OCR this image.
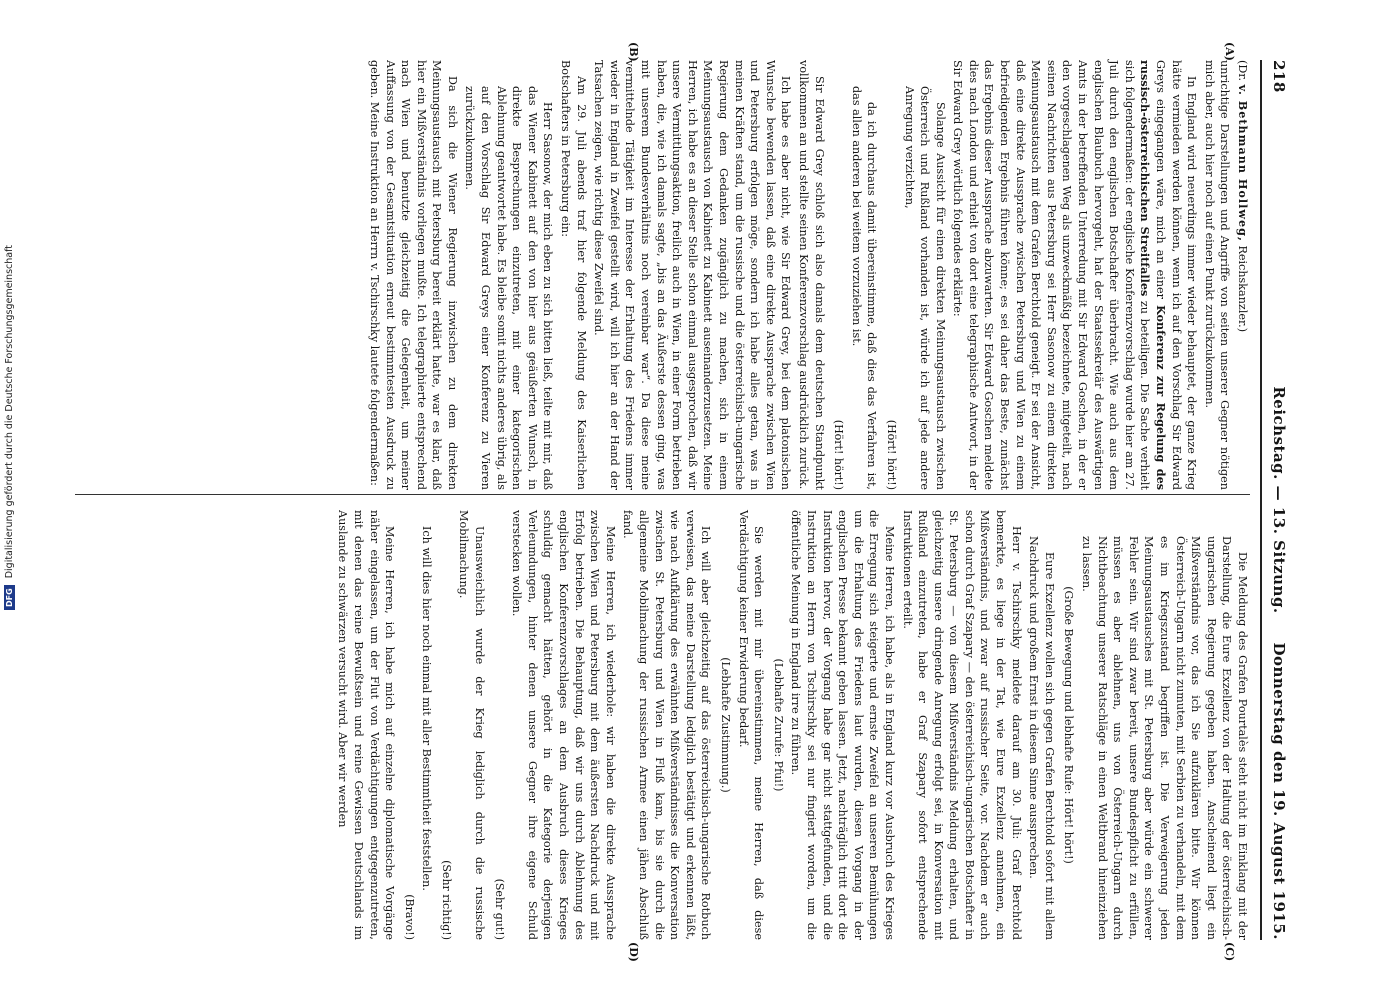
218
Reichstag. — 13. Sitzung.
Donnerstag den 19. August 1915.
(A)
(B)
(C)
(D)

(Dr. v. Bethmann Hollweg, Reichskanzler.)

unrichtige Darstellungen und Angriffe von seiten unserer Gegner nötigen mich aber, auch hier noch auf einen Punkt zurückzukommen.

In England wird neuerdings immer wieder behauptet, der ganze Krieg hätte vermieden werden können, wenn ich auf den Vorschlag Sir Edward Greys eingegangen wäre, mich an einer Konferenz zur Regelung des russisch-österreichischen Streitfalles zu beteiligen. Die Sache verhielt sich folgendermaßen: der englische Konferenzvorschlag wurde hier am 27. Juli durch den englischen Botschafter überbracht. Wie auch aus dem englischen Blaubuch hervorgeht, hat der Staatssekretär des Auswärtigen Amts in der betreffenden Unterredung mit Sir Edward Goschen, in der er den vorgeschlagenen Weg als unzweckmäßig bezeichnete, mitgeteilt, nach seinen Nachrichten aus Petersburg sei Herr Sasonow zu einem direkten Meinungsaustausch mit dem Grafen Berchtold geneigt. Er sei der Ansicht, daß eine direkte Aussprache zwischen Petersburg und Wien zu einem befriedigenden Ergebnis führen könne; es sei daher das Beste, zunächst das Ergebnis dieser Aussprache abzuwarten. Sir Edward Goschen meldete dies nach London und erhielt von dort eine telegraphische Antwort, in der Sir Edward Grey wörtlich folgendes erklärte:

Solange Aussicht für einen direkten Meinungsaustausch zwischen Österreich und Rußland vorhanden ist, würde ich auf jede andere Anregung verzichten,

(Hört! hört!)

da ich durchaus damit übereinstimme, daß dies das Verfahren ist, das allen anderen bei weitem vorzuziehen ist.

(Hört! hört!)

Sir Edward Grey schloß sich also damals dem deutschen Standpunkt vollkommen an und stellte seinen Konferenzvorschlag ausdrücklich zurück.

Ich habe es aber nicht, wie Sir Edward Grey, bei dem platonischen Wunsche bewenden lassen, daß eine direkte Aussprache zwischen Wien und Petersburg erfolgen möge, sondern ich habe alles getan, was in meinen Kräften stand, um die russische und die österreichisch-ungarische Regierung dem Gedanken zugänglich zu machen, sich in einem Meinungsaustausch von Kabinett zu Kabinett auseinanderzusetzen. Meine Herren, ich habe es an dieser Stelle schon einmal ausgesprochen, daß wir unsere Vermittlungsaktion, freilich auch in Wien, in einer Form betrieben haben, die, wie ich damals sagte, „bis an das Äußerste dessen ging, was mit unserem Bundesverhältnis noch vereinbar war“. Da diese meine vermittelnde Tätigkeit im Interesse der Erhaltung des Friedens immer wieder in England in Zweifel gestellt wird, will ich hier an der Hand der Tatsachen zeigen, wie richtig diese Zweifel sind.

Am 29. Juli abends traf hier folgende Meldung des Kaiserlichen Botschafters in Petersburg ein:

Herr Sasonow, der mich eben zu sich bitten ließ, teilte mit mir, daß das Wiener Kabinett auf den von hier aus geäußerten Wunsch, in direkte Besprechungen einzutreten, mit einer kategorischen Ablehnung geantwortet habe. Es bleibe somit nichts anderes übrig, als auf den Vorschlag Sir Edward Greys einer Konferenz zu Vieren zurückzukommen.

Da sich die Wiener Regierung inzwischen zu dem direkten Meinungsaustausch mit Petersburg bereit erklärt hatte, war es klar, daß hier ein Mißverständnis vorliegen mußte. Ich telegraphierte entsprechend nach Wien und benutzte gleichzeitig die Gelegenheit, um meiner Auffassung von der Gesamtsituation erneut bestimmtesten Ausdruck zu geben. Meine Instruktion an Herrn v. Tschirschky lautete folgendermaßen:

Die Meldung des Grafen Pourtalès steht nicht im Einklang mit der Darstellung, die Eure Exzellenz von der Haltung der österreichisch-ungarischen Regierung gegeben haben. Anscheinend liegt ein Mißverständnis vor, das ich Sie aufzuklären bitte. Wir können Österreich-Ungarn nicht zumuten, mit Serbien zu verhandeln, mit dem es im Kriegszustand begriffen ist. Die Verweigerung jeden Meinungsaustausches mit St. Petersburg aber würde ein schwerer Fehler sein. Wir sind zwar bereit, unsere Bundespflicht zu erfüllen, müssen es aber ablehnen, uns von Österreich-Ungarn durch Nichtbeachtung unserer Ratschläge in einen Weltbrand hineinziehen zu lassen.

(Große Bewegung und lebhafte Rufe: Hört! hört!)

Eure Exzellenz wollen sich gegen Grafen Berchtold sofort mit allem Nachdruck und großem Ernst in diesem Sinne aussprechen.

Herr v. Tschirschky meldete darauf am 30. Juli: Graf Berchtold bemerkte, es liege in der Tat, wie Eure Exzellenz annehmen, ein Mißverständnis, und zwar auf russischer Seite, vor. Nachdem er auch schon durch Graf Szapary — den österreichisch-ungarischen Botschafter in St. Petersburg — von diesem Mißverständnis Meldung erhalten, und gleichzeitig unsere dringende Anregung erfolgt sei, in Konversation mit Rußland einzutreten, habe er Graf Szapary sofort entsprechende Instruktionen erteilt.

Meine Herren, ich habe, als in England kurz vor Ausbruch des Krieges die Erregung sich steigerte und ernste Zweifel an unseren Bemühungen um die Erhaltung des Friedens laut wurden, diesen Vorgang in der englischen Presse bekannt geben lassen. Jetzt, nachträglich tritt dort die Instruktion hervor, der Vorgang habe gar nicht stattgefunden, und die Instruktion an Herrn von Tschirschky sei nur fingiert worden, um die öffentliche Meinung in England irre zu führen.

(Lebhafte Zurufe: Pfui!)

Sie werden mit mir übereinstimmen, meine Herren, daß diese Verdächtigung keiner Erwiderung bedarf.

(Lebhafte Zustimmung.)

Ich will aber gleichzeitig auf das österreichisch-ungarische Rotbuch verweisen, das meine Darstellung lediglich bestätigt und erkennen läßt, wie nach Aufklärung des erwähnten Mißverständnisses die Konversation zwischen St. Petersburg und Wien in Fluß kam, bis sie durch die allgemeine Mobilmachung der russischen Armee einen jähen Abschluß fand.

Meine Herren, ich wiederhole: wir haben die direkte Aussprache zwischen Wien und Petersburg mit dem äußersten Nachdruck und mit Erfolg betrieben. Die Behauptung, daß wir uns durch Ablehnung des englischen Konferenzvorschlages an dem Ausbruch dieses Krieges schuldig gemacht hätten, gehört in die Kategorie derjenigen Verleumdungen, hinter denen unsere Gegner ihre eigene Schuld verstecken wollen.

(Sehr gut!)

Unausweichlich wurde der Krieg lediglich durch die russische Mobilmachung.

(Sehr richtig!)

Ich will dies hier noch einmal mit aller Bestimmtheit feststellen.

(Bravo!)

Meine Herren, ich habe mich auf einzelne diplomatische Vorgänge näher eingelassen, um der Flut von Verdächtigungen entgegenzutreten, mit denen das reine Bewußtsein und reine Gewissen Deutschlands im Auslande zu schwärzen versucht wird. Aber wir werden

DFG Digitalisierung gefördert durch die Deutsche Forschungsgemeinschaft
